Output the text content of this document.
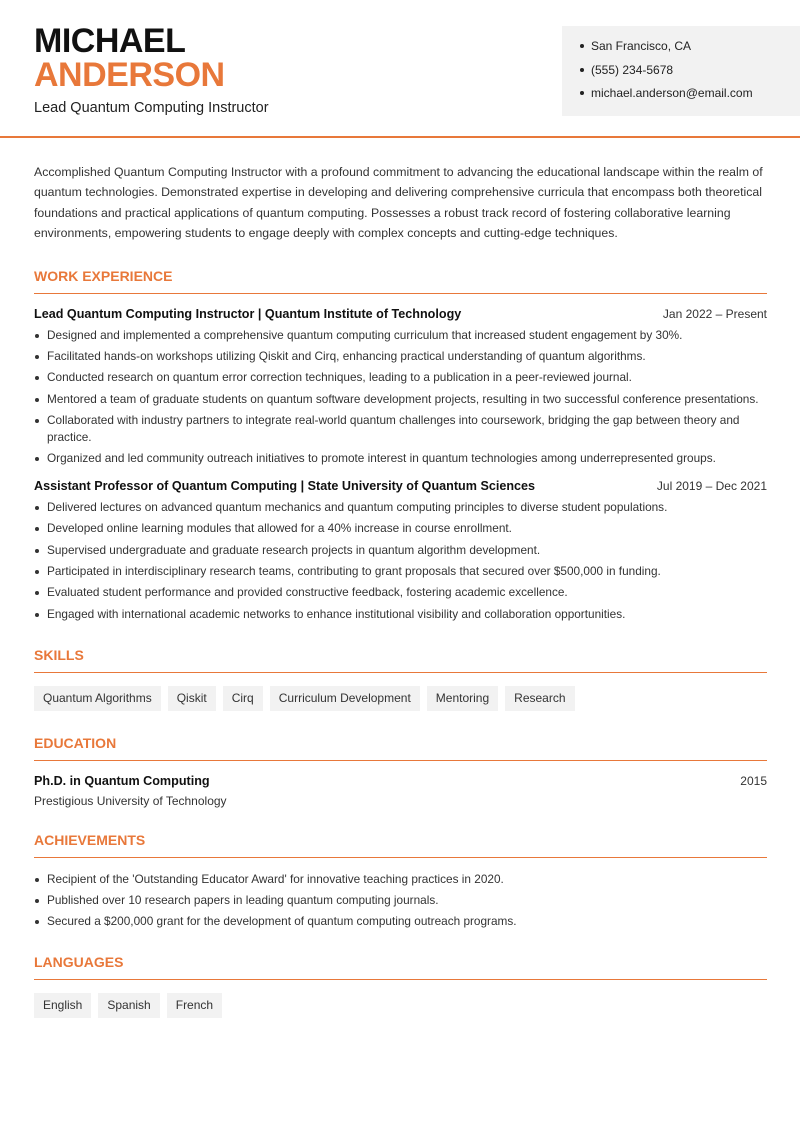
MICHAEL
ANDERSON
Lead Quantum Computing Instructor
San Francisco, CA
(555) 234-5678
michael.anderson@email.com

Accomplished Quantum Computing Instructor with a profound commitment to advancing the educational landscape within the realm of quantum technologies. Demonstrated expertise in developing and delivering comprehensive curricula that encompass both theoretical foundations and practical applications of quantum computing. Possesses a robust track record of fostering collaborative learning environments, empowering students to engage deeply with complex concepts and cutting-edge techniques.

WORK EXPERIENCE
Lead Quantum Computing Instructor | Quantum Institute of Technology	Jan 2022 – Present
Designed and implemented a comprehensive quantum computing curriculum that increased student engagement by 30%.
Facilitated hands-on workshops utilizing Qiskit and Cirq, enhancing practical understanding of quantum algorithms.
Conducted research on quantum error correction techniques, leading to a publication in a peer-reviewed journal.
Mentored a team of graduate students on quantum software development projects, resulting in two successful conference presentations.
Collaborated with industry partners to integrate real-world quantum challenges into coursework, bridging the gap between theory and practice.
Organized and led community outreach initiatives to promote interest in quantum technologies among underrepresented groups.
Assistant Professor of Quantum Computing | State University of Quantum Sciences	Jul 2019 – Dec 2021
Delivered lectures on advanced quantum mechanics and quantum computing principles to diverse student populations.
Developed online learning modules that allowed for a 40% increase in course enrollment.
Supervised undergraduate and graduate research projects in quantum algorithm development.
Participated in interdisciplinary research teams, contributing to grant proposals that secured over $500,000 in funding.
Evaluated student performance and provided constructive feedback, fostering academic excellence.
Engaged with international academic networks to enhance institutional visibility and collaboration opportunities.
SKILLS
Quantum Algorithms	Qiskit	Cirq	Curriculum Development	Mentoring	Research
EDUCATION
Ph.D. in Quantum Computing	2015
Prestigious University of Technology
ACHIEVEMENTS
Recipient of the 'Outstanding Educator Award' for innovative teaching practices in 2020.
Published over 10 research papers in leading quantum computing journals.
Secured a $200,000 grant for the development of quantum computing outreach programs.
LANGUAGES
English	Spanish	French
